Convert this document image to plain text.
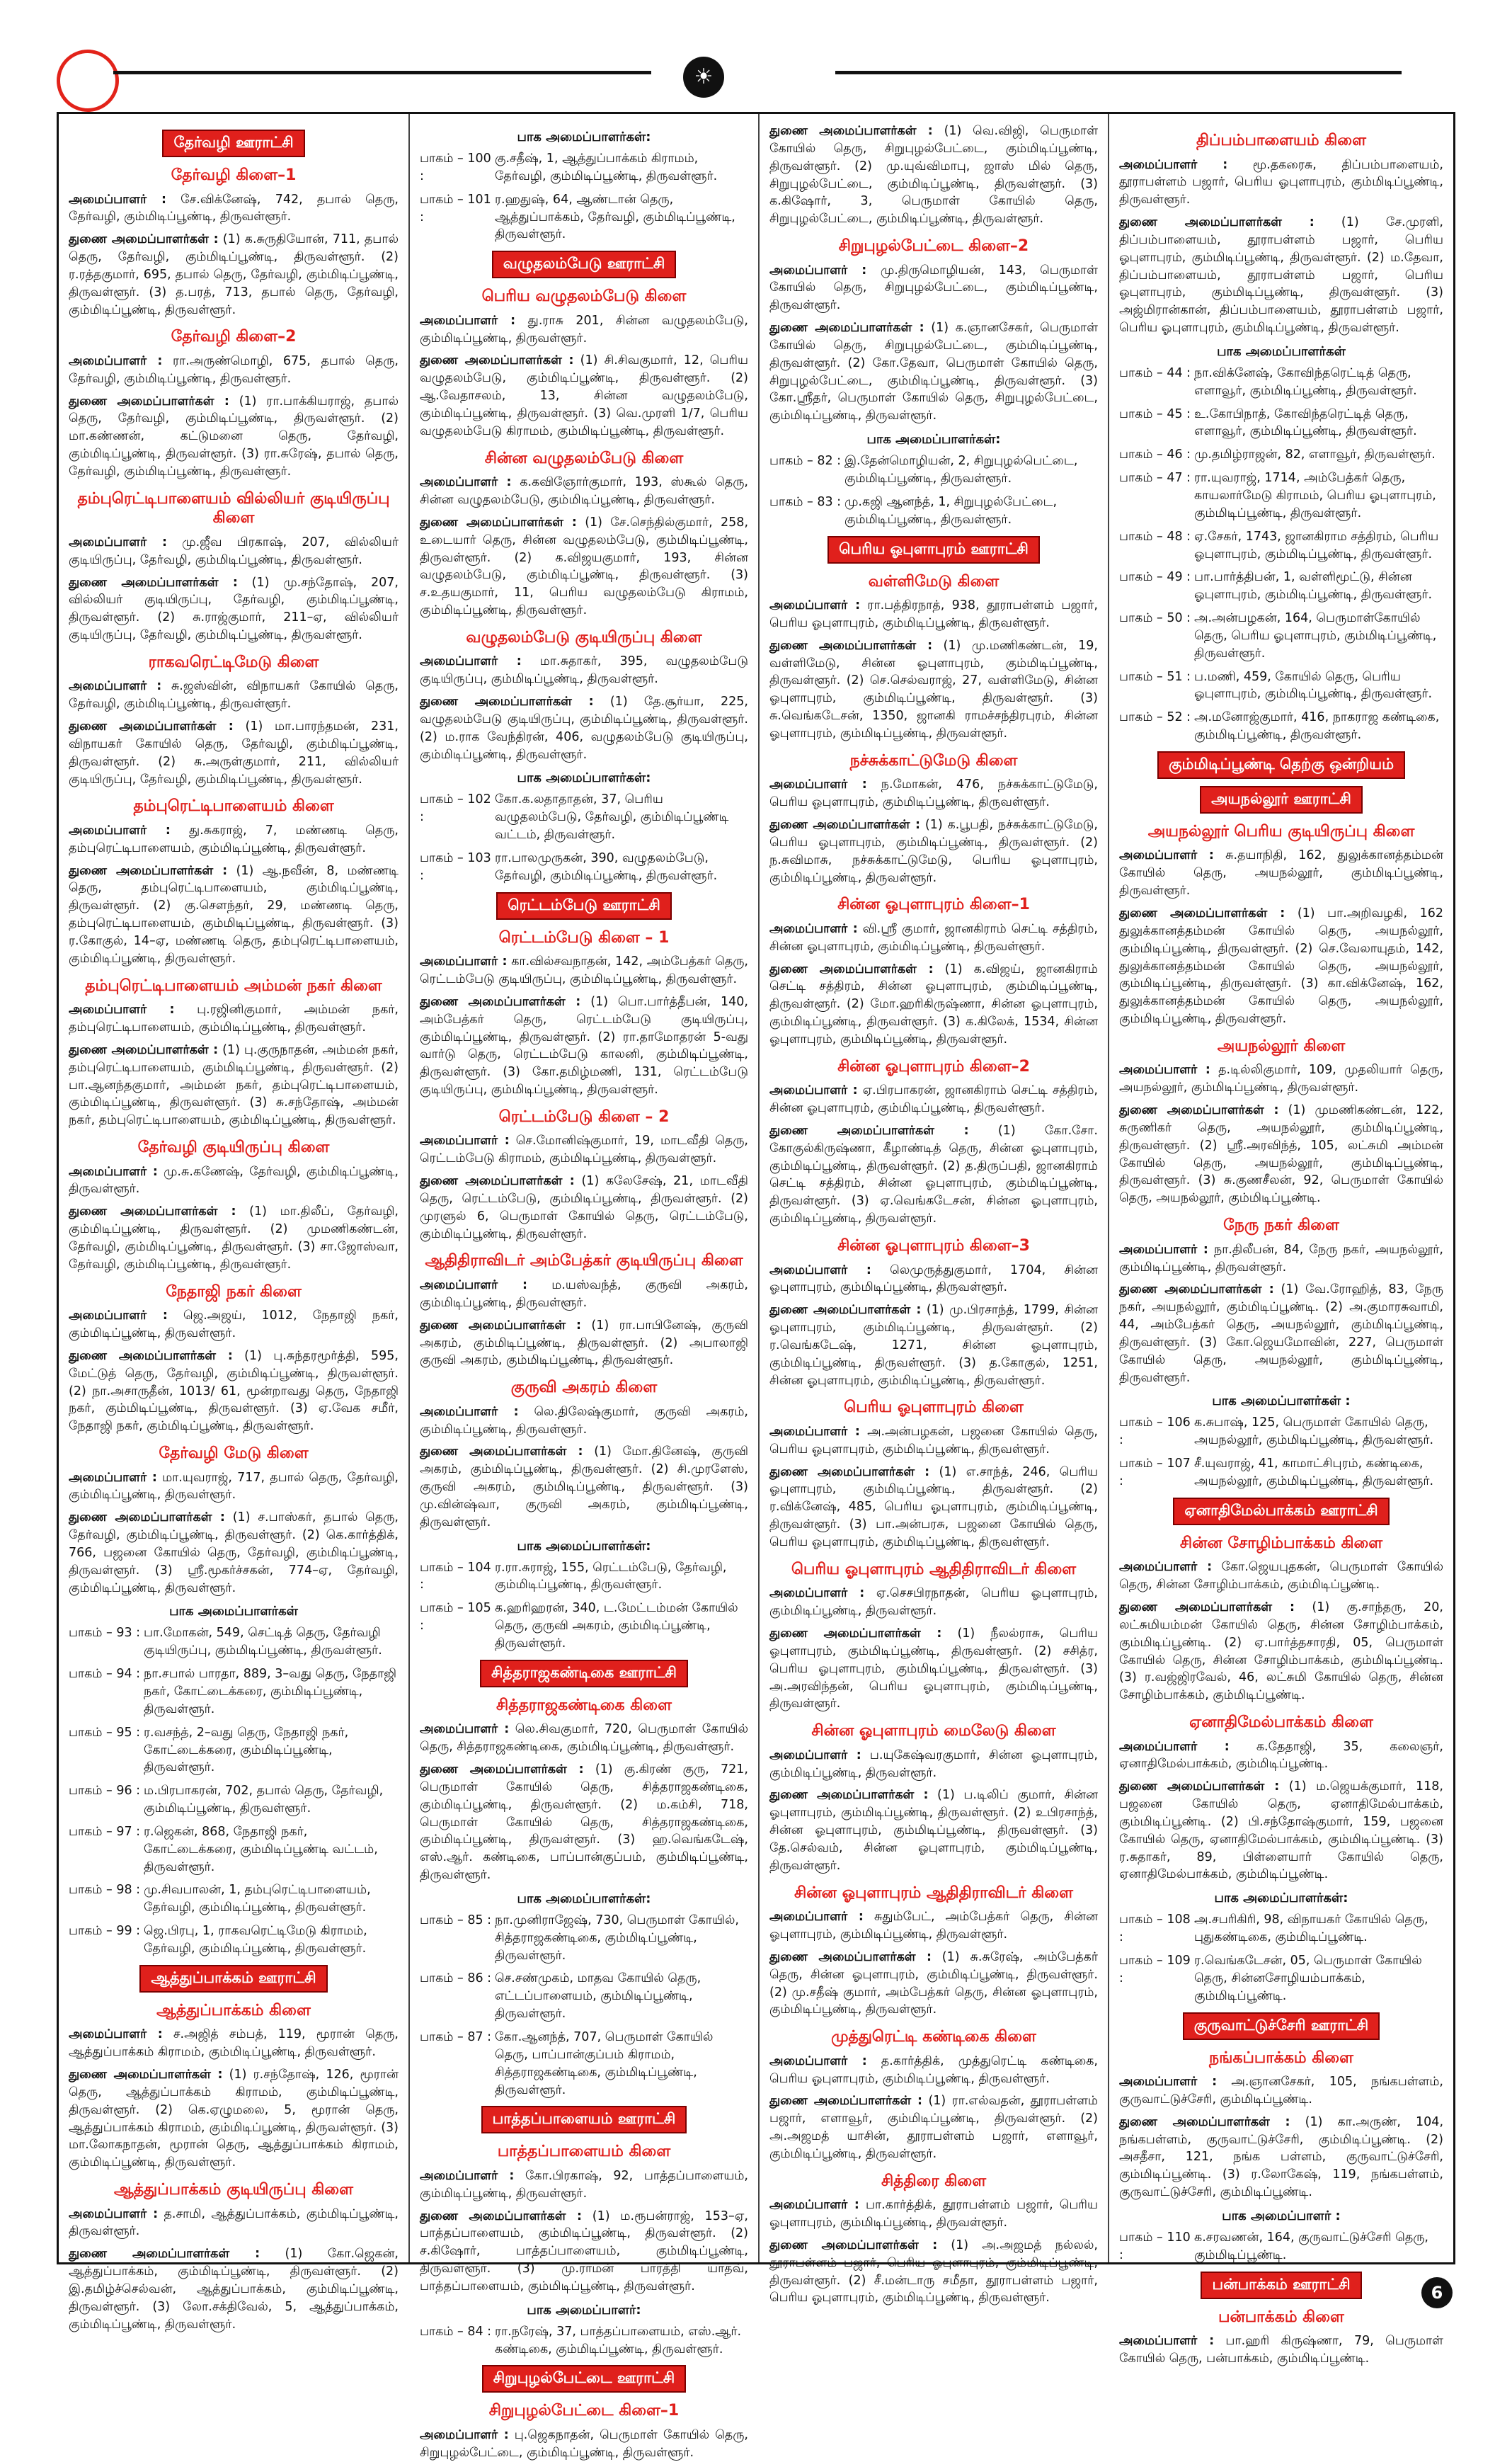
☀
தேர்வழி ஊராட்சி
தேர்வழி கிளை–1
அமைப்பாளர் : சே.விக்னேஷ், 742, தபால் தெரு, தேர்வழி, கும்மிடிப்பூண்டி, திருவள்ளூர்.
துணை அமைப்பாளர்கள் : (1) க.சுருதியோன், 711, தபால் தெரு, தேர்வழி, கும்மிடிப்பூண்டி, திருவள்ளூர். (2) ர.ரத்தகுமார், 695, தபால் தெரு, தேர்வழி, கும்மிடிப்பூண்டி, திருவள்ளூர். (3) த.பரத், 713, தபால் தெரு, தேர்வழி, கும்மிடிப்பூண்டி, திருவள்ளூர்.
தேர்வழி கிளை–2
அமைப்பாளர் : ரா.அருண்மொழி, 675, தபால் தெரு, தேர்வழி, கும்மிடிப்பூண்டி, திருவள்ளூர்.
துணை அமைப்பாளர்கள் : (1) ரா.பாக்கியராஜ், தபால் தெரு, தேர்வழி, கும்மிடிப்பூண்டி, திருவள்ளூர். (2) மா.கண்ணன், கட்டுமனை தெரு, தேர்வழி, கும்மிடிப்பூண்டி, திருவள்ளூர். (3) ரா.சுரேஷ், தபால் தெரு, தேர்வழி, கும்மிடிப்பூண்டி, திருவள்ளூர்.
தம்புரெட்டிபாளையம் வில்லியர் குடியிருப்பு கிளை
அமைப்பாளர் : மு.ஜீவ பிரகாஷ், 207, வில்லியர் குடியிருப்பு, தேர்வழி, கும்மிடிப்பூண்டி, திருவள்ளூர்.
துணை அமைப்பாளர்கள் : (1) மு.சந்தோஷ், 207, வில்லியர் குடியிருப்பு, தேர்வழி, கும்மிடிப்பூண்டி, திருவள்ளூர். (2) சு.ராஜ்குமார், 211–ஏ, வில்லியர் குடியிருப்பு, தேர்வழி, கும்மிடிப்பூண்டி, திருவள்ளூர்.
ராகவரெட்டிமேடு கிளை
அமைப்பாளர் : சு.ஜஸ்வின், விநாயகர் கோயில் தெரு, தேர்வழி, கும்மிடிப்பூண்டி, திருவள்ளூர்.
துணை அமைப்பாளர்கள் : (1) மா.பாரந்தமன், 231, விநாயகர் கோயில் தெரு, தேர்வழி, கும்மிடிப்பூண்டி, திருவள்ளூர். (2) சு.அருள்குமார், 211, வில்லியர் குடியிருப்பு, தேர்வழி, கும்மிடிப்பூண்டி, திருவள்ளூர்.
தம்புரெட்டிபாளையம் கிளை
அமைப்பாளர் : து.சுகராஜ், 7, மண்ணடி தெரு, தம்புரெட்டிபாளையம், கும்மிடிப்பூண்டி, திருவள்ளூர்.
துணை அமைப்பாளர்கள் : (1) ஆ.நவீன், 8, மண்ணடி தெரு, தம்புரெட்டிபாளையம், கும்மிடிப்பூண்டி, திருவள்ளூர். (2) கு.சௌந்தர், 29, மண்ணடி தெரு, தம்புரெட்டிபாளையம், கும்மிடிப்பூண்டி, திருவள்ளூர். (3) ர.கோகுல், 14–ஏ, மண்ணடி தெரு, தம்புரெட்டிபாளையம், கும்மிடிப்பூண்டி, திருவள்ளூர்.
தம்புரெட்டிபாளையம் அம்மன் நகர் கிளை
அமைப்பாளர் : பு.ரஜினிகுமார், அம்மன் நகர், தம்புரெட்டிபாளையம், கும்மிடிப்பூண்டி, திருவள்ளூர்.
துணை அமைப்பாளர்கள் : (1) பு.குருநாதன், அம்மன் நகர், தம்புரெட்டிபாளையம், கும்மிடிப்பூண்டி, திருவள்ளூர். (2) பா.ஆனந்தகுமார், அம்மன் நகர், தம்புரெட்டிபாளையம், கும்மிடிப்பூண்டி, திருவள்ளூர். (3) சு.சந்தோஷ், அம்மன் நகர், தம்புரெட்டிபாளையம், கும்மிடிப்பூண்டி, திருவள்ளூர்.
தேர்வழி குடியிருப்பு கிளை
அமைப்பாளர் : மு.சு.கணேஷ், தேர்வழி, கும்மிடிப்பூண்டி, திருவள்ளூர்.
துணை அமைப்பாளர்கள் : (1) மா.திலீப், தேர்வழி, கும்மிடிப்பூண்டி, திருவள்ளூர். (2) முமணிகண்டன், தேர்வழி, கும்மிடிப்பூண்டி, திருவள்ளூர். (3) சா.ஜோஸ்வா, தேர்வழி, கும்மிடிப்பூண்டி, திருவள்ளூர்.
நேதாஜி நகர் கிளை
அமைப்பாளர் : ஜெ.அஜய், 1012, நேதாஜி நகர், கும்மிடிப்பூண்டி, திருவள்ளூர்.
துணை அமைப்பாளர்கள் : (1) பு.சுந்தரமூர்த்தி, 595, மேட்டுத் தெரு, தேர்வழி, கும்மிடிப்பூண்டி, திருவள்ளூர். (2) நா.அசாருதீன், 1013/ 61, மூன்றாவது தெரு, நேதாஜி நகர், கும்மிடிப்பூண்டி, திருவள்ளூர். (3) ஏ.வேக சமீர், நேதாஜி நகர், கும்மிடிப்பூண்டி, திருவள்ளூர்.
தேர்வழி மேடு கிளை
அமைப்பாளர் : மா.யுவராஜ், 717, தபால் தெரு, தேர்வழி, கும்மிடிப்பூண்டி, திருவள்ளூர்.
துணை அமைப்பாளர்கள் : (1) ச.பாஸ்கர், தபால் தெரு, தேர்வழி, கும்மிடிப்பூண்டி, திருவள்ளூர். (2) கெ.கார்த்திக், 766, பஜனை கோயில் தெரு, தேர்வழி, கும்மிடிப்பூண்டி, திருவள்ளூர். (3) ஸ்ரீ.மூகர்ச்சகன், 774–ஏ, தேர்வழி, கும்மிடிப்பூண்டி, திருவள்ளூர்.
பாக அமைப்பாளர்கள்
பாகம் – 93 : பா.மோகன், 549, செட்டித் தெரு, தேர்வழி குடியிருப்பு, கும்மிடிப்பூண்டி, திருவள்ளூர்.
பாகம் – 94 : நா.சபால் பாரதா, 889, 3–வது தெரு, நேதாஜி நகர், கோட்டைக்கரை, கும்மிடிப்பூண்டி, திருவள்ளூர்.
பாகம் – 95 : ர.வசந்த், 2–வது தெரு, நேதாஜி நகர், கோட்டைக்கரை, கும்மிடிப்பூண்டி, திருவள்ளூர்.
பாகம் – 96 : ம.பிரபாகரன், 702, தபால் தெரு, தேர்வழி, கும்மிடிப்பூண்டி, திருவள்ளூர்.
பாகம் – 97 : ர.ஜெகன், 868, நேதாஜி நகர், கோட்டைக்கரை, கும்மிடிப்பூண்டி வட்டம், திருவள்ளூர்.
பாகம் – 98 : மு.சிவபாலன், 1, தம்புரெட்டிபாளையம், தேர்வழி, கும்மிடிப்பூண்டி, திருவள்ளூர்.
பாகம் – 99 : ஜெ.பிரபு, 1, ராகவரெட்டிமேடு கிராமம், தேர்வழி, கும்மிடிப்பூண்டி, திருவள்ளூர்.
ஆத்துப்பாக்கம் ஊராட்சி
ஆத்துப்பாக்கம் கிளை
அமைப்பாளர் : ச.அஜித் சம்பத், 119, மூரான் தெரு, ஆத்துப்பாக்கம் கிராமம், கும்மிடிப்பூண்டி, திருவள்ளூர்.
துணை அமைப்பாளர்கள் : (1) ர.சந்தோஷ், 126, மூரான் தெரு, ஆத்துப்பாக்கம் கிராமம், கும்மிடிப்பூண்டி, திருவள்ளூர். (2) கெ.ஏழுமலை, 5, மூரான் தெரு, ஆத்துப்பாக்கம் கிராமம், கும்மிடிப்பூண்டி, திருவள்ளூர். (3) மா.லோகநாதன், மூரான் தெரு, ஆத்துப்பாக்கம் கிராமம், கும்மிடிப்பூண்டி, திருவள்ளூர்.
ஆத்துப்பாக்கம் குடியிருப்பு கிளை
அமைப்பாளர் : த.சாமி, ஆத்துப்பாக்கம், கும்மிடிப்பூண்டி, திருவள்ளூர்.
துணை அமைப்பாளர்கள் : (1) கோ.ஜெகன், ஆத்துப்பாக்கம், கும்மிடிப்பூண்டி, திருவள்ளூர். (2) இ.தமிழ்ச்செல்வன், ஆத்துப்பாக்கம், கும்மிடிப்பூண்டி, திருவள்ளூர். (3) லோ.சக்திவேல், 5, ஆத்துப்பாக்கம், கும்மிடிப்பூண்டி, திருவள்ளூர்.
பாக அமைப்பாளர்கள்:
பாகம் – 100 :
கு.சதீஷ், 1, ஆத்துப்பாக்கம் கிராமம், தேர்வழி, கும்மிடிப்பூண்டி, திருவள்ளூர்.
பாகம் – 101 :
ர.ஹதுஷ், 64, ஆண்டான் தெரு, ஆத்துப்பாக்கம், தேர்வழி, கும்மிடிப்பூண்டி, திருவள்ளூர்.
வழுதலம்பேடு ஊராட்சி
பெரிய வழுதலம்பேடு கிளை
அமைப்பாளர் : து.ராசு 201, சின்ன வழுதலம்பேடு, கும்மிடிப்பூண்டி, திருவள்ளூர்.
துணை அமைப்பாளர்கள் : (1) சி.சிவகுமார், 12, பெரிய வழுதலம்பேடு, கும்மிடிப்பூண்டி, திருவள்ளூர். (2) ஆ.வேதாசலம், 13, சின்ன வழுதலம்பேடு, கும்மிடிப்பூண்டி, திருவள்ளூர். (3) வெ.முரளி 1/7, பெரிய வழுதலம்பேடு கிராமம், கும்மிடிப்பூண்டி, திருவள்ளூர்.
சின்ன வழுதலம்பேடு கிளை
அமைப்பாளர் : க.கவிஞோர்குமார், 193, ஸ்கூல் தெரு, சின்ன வழுதலம்பேடு, கும்மிடிப்பூண்டி, திருவள்ளூர்.
துணை அமைப்பாளர்கள் : (1) சே.செந்தில்குமார், 258, உடையார் தெரு, சின்ன வழுதலம்பேடு, கும்மிடிப்பூண்டி, திருவள்ளூர். (2) க.விஜயகுமார், 193, சின்ன வழுதலம்பேடு, கும்மிடிப்பூண்டி, திருவள்ளூர். (3) ச.உதயகுமார், 11, பெரிய வழுதலம்பேடு கிராமம், கும்மிடிப்பூண்டி, திருவள்ளூர்.
வழுதலம்பேடு குடியிருப்பு கிளை
அமைப்பாளர் : மா.சுதாகர், 395, வழுதலம்பேடு குடியிருப்பு, கும்மிடிப்பூண்டி, திருவள்ளூர்.
துணை அமைப்பாளர்கள் : (1) தே.சூர்யா, 225, வழுதலம்பேடு குடியிருப்பு, கும்மிடிப்பூண்டி, திருவள்ளூர். (2) ம.ராக வேந்திரன், 406, வழுதலம்பேடு குடியிருப்பு, கும்மிடிப்பூண்டி, திருவள்ளூர்.
பாக அமைப்பாளர்கள்:
பாகம் – 102 :
கோ.க.லதாதாதன், 37, பெரிய வழுதலம்பேடு, தேர்வழி, கும்மிடிப்பூண்டி வட்டம், திருவள்ளூர்.
பாகம் – 103 :
ரா.பாலமுருகன், 390, வழுதலம்பேடு, தேர்வழி, கும்மிடிப்பூண்டி, திருவள்ளூர்.
ரெட்டம்பேடு ஊராட்சி
ரெட்டம்பேடு கிளை – 1
அமைப்பாளர் : கா.வில்சவநாதன், 142, அம்பேத்கர் தெரு, ரெட்டம்பேடு குடியிருப்பு, கும்மிடிப்பூண்டி, திருவள்ளூர்.
துணை அமைப்பாளர்கள் : (1) பொ.பார்த்தீபன், 140, அம்பேத்கர் தெரு, ரெட்டம்பேடு குடியிருப்பு, கும்மிடிப்பூண்டி, திருவள்ளூர். (2) ரா.தாமோதரன் 5-வது வார்டு தெரு, ரெட்டம்பேடு காலனி, கும்மிடிப்பூண்டி, திருவள்ளூர். (3) கோ.தமிழ்மணி, 131, ரெட்டம்பேடு குடியிருப்பு, கும்மிடிப்பூண்டி, திருவள்ளூர்.
ரெட்டம்பேடு கிளை – 2
அமைப்பாளர் : செ.மோனிஷ்குமார், 19, மாடவீதி தெரு, ரெட்டம்பேடு கிராமம், கும்மிடிப்பூண்டி, திருவள்ளூர்.
துணை அமைப்பாளர்கள் : (1) கலேசேஷ், 21, மாடவீதி தெரு, ரெட்டம்பேடு, கும்மிடிப்பூண்டி, திருவள்ளூர். (2) முரளுல் 6, பெருமாள் கோயில் தெரு, ரெட்டம்பேடு, கும்மிடிப்பூண்டி, திருவள்ளூர்.
ஆதிதிராவிடர் அம்பேத்கர் குடியிருப்பு கிளை
அமைப்பாளர் : ம.யஸ்வந்த், குருவி அகரம், கும்மிடிப்பூண்டி, திருவள்ளூர்.
துணை அமைப்பாளர்கள் : (1) ரா.பாபினேஷ், குருவி அகரம், கும்மிடிப்பூண்டி, திருவள்ளூர். (2) அபாலாஜி குருவி அகரம், கும்மிடிப்பூண்டி, திருவள்ளூர்.
குருவி அகரம் கிளை
அமைப்பாளர் : லெ.திலேஷ்குமார், குருவி அகரம், கும்மிடிப்பூண்டி, திருவள்ளூர்.
துணை அமைப்பாளர்கள் : (1) மோ.தினேஷ், குருவி அகரம், கும்மிடிப்பூண்டி, திருவள்ளூர். (2) சி.முரளேஸ், குருவி அகரம், கும்மிடிப்பூண்டி, திருவள்ளூர். (3) மு.வின்ஷ்வா, குருவி அகரம், கும்மிடிப்பூண்டி, திருவள்ளூர்.
பாக அமைப்பாளர்கள்:
பாகம் – 104 :
ர.ரா.சுராஜ், 155, ரெட்டம்பேடு, தேர்வழி, கும்மிடிப்பூண்டி, திருவள்ளூர்.
பாகம் – 105 :
க.ஹரிஹரன், 340, ட.மேட்டம்மன் கோயில் தெரு, குருவி அகரம், கும்மிடிப்பூண்டி, திருவள்ளூர்.
சித்தராஜகண்டிகை ஊராட்சி
சித்தராஜகண்டிகை கிளை
அமைப்பாளர் : லெ.சிவகுமார், 720, பெருமாள் கோயில் தெரு, சித்தராஜகண்டிகை, கும்மிடிப்பூண்டி, திருவள்ளூர்.
துணை அமைப்பாளர்கள் : (1) கு.கிரண் குரு, 721, பெருமாள் கோயில் தெரு, சித்தராஜகண்டிகை, கும்மிடிப்பூண்டி, திருவள்ளூர். (2) ம.கம்சி, 718, பெருமாள் கோயில் தெரு, சித்தராஜகண்டிகை, கும்மிடிப்பூண்டி, திருவள்ளூர். (3) ஹ.வெங்கடேஷ், எஸ்.ஆர். கண்டிகை, பாப்பான்குப்பம், கும்மிடிப்பூண்டி, திருவள்ளூர்.
பாக அமைப்பாளர்கள்:
பாகம் – 85 : நா.முனிராஜேஷ், 730, பெருமாள் கோயில், சித்தராஜகண்டிகை, கும்மிடிப்பூண்டி, திருவள்ளூர்.
பாகம் – 86 : செ.சண்முகம், மாதவ கோயில் தெரு, எட்டப்பாளையம், கும்மிடிப்பூண்டி, திருவள்ளூர்.
பாகம் – 87 : கோ.ஆனந்த், 707, பெருமாள் கோயில் தெரு, பாப்பான்குப்பம் கிராமம், சித்தராஜகண்டிகை, கும்மிடிப்பூண்டி, திருவள்ளூர்.
பாத்தப்பாளையம் ஊராட்சி
பாத்தப்பாளையம் கிளை
அமைப்பாளர் : கோ.பிரகாஷ், 92, பாத்தப்பாளையம், கும்மிடிப்பூண்டி, திருவள்ளூர்.
துணை அமைப்பாளர்கள் : (1) ம.ரூபன்ராஜ், 153–ஏ, பாத்தப்பாளையம், கும்மிடிப்பூண்டி, திருவள்ளூர். (2) ச.கிஷோர், பாத்தப்பாளையம், கும்மிடிப்பூண்டி, திருவள்ளூர். (3) மு.ராமன் பாரத்தி யாதவ், பாத்தப்பாளையம், கும்மிடிப்பூண்டி, திருவள்ளூர்.
பாக அமைப்பாளர்:
பாகம் – 84 : ரா.நரேஷ், 37, பாத்தப்பாளையம், எஸ்.ஆர். கண்டிகை, கும்மிடிப்பூண்டி, திருவள்ளூர்.
சிறுபுழல்பேட்டை ஊராட்சி
சிறுபுழல்பேட்டை கிளை–1
அமைப்பாளர் : பு.ஜெகநாதன், பெருமாள் கோயில் தெரு, சிறுபுழல்பேட்டை, கும்மிடிப்பூண்டி, திருவள்ளூர்.
துணை அமைப்பாளர்கள் : (1) வெ.விஜி, பெருமாள் கோயில் தெரு, சிறுபுழல்பேட்டை, கும்மிடிப்பூண்டி, திருவள்ளூர். (2) மு.யுவ்விமாபு, ஜாஸ் மில் தெரு, சிறுபுழல்பேட்டை, கும்மிடிப்பூண்டி, திருவள்ளூர். (3) க.கிஷோர், 3, பெருமாள் கோயில் தெரு, சிறுபுழல்பேட்டை, கும்மிடிப்பூண்டி, திருவள்ளூர்.
சிறுபுழல்பேட்டை கிளை–2
அமைப்பாளர் : மு.திருமொழியன், 143, பெருமாள் கோயில் தெரு, சிறுபுழல்பேட்டை, கும்மிடிப்பூண்டி, திருவள்ளூர்.
துணை அமைப்பாளர்கள் : (1) க.ஞானசேகர், பெருமாள் கோயில் தெரு, சிறுபுழல்பேட்டை, கும்மிடிப்பூண்டி, திருவள்ளூர். (2) கோ.தேவா, பெருமாள் கோயில் தெரு, சிறுபுழல்பேட்டை, கும்மிடிப்பூண்டி, திருவள்ளூர். (3) கோ.ஸ்ரீதர், பெருமாள் கோயில் தெரு, சிறுபுழல்பேட்டை, கும்மிடிப்பூண்டி, திருவள்ளூர்.
பாக அமைப்பாளர்கள்:
பாகம் – 82 : இ.தேன்மொழியன், 2, சிறுபுழல்பெட்டை, கும்மிடிப்பூண்டி, திருவள்ளூர்.
பாகம் – 83 : மு.கஜி ஆனந்த், 1, சிறுபுழல்பேட்டை, கும்மிடிப்பூண்டி, திருவள்ளூர்.
பெரிய ஓபுளாபுரம் ஊராட்சி
வள்ளிமேடு கிளை
அமைப்பாளர் : ரா.பத்திரநாத், 938, தூராபள்ளம் பஜார், பெரிய ஓபுளாபுரம், கும்மிடிப்பூண்டி, திருவள்ளூர்.
துணை அமைப்பாளர்கள் : (1) மு.மணிகண்டன், 19, வள்ளிமேடு, சின்ன ஓபுளாபுரம், கும்மிடிப்பூண்டி, திருவள்ளூர். (2) செ.செல்வராஜ், 27, வள்ளிமேடு, சின்ன ஓபுளாபுரம், கும்மிடிப்பூண்டி, திருவள்ளூர். (3) சு.வெங்கடேசன், 1350, ஜானகி ராமச்சந்திரபுரம், சின்ன ஓபுளாபுரம், கும்மிடிப்பூண்டி, திருவள்ளூர்.
நச்சுக்காட்டுமேடு கிளை
அமைப்பாளர் : ந.மோகன், 476, நச்சுக்காட்டுமேடு, பெரிய ஓபுளாபுரம், கும்மிடிப்பூண்டி, திருவள்ளூர்.
துணை அமைப்பாளர்கள் : (1) க.பூபதி, நச்சுக்காட்டுமேடு, பெரிய ஓபுளாபுரம், கும்மிடிப்பூண்டி, திருவள்ளூர். (2) ந.சுவிமாசு, நச்சுக்காட்டுமேடு, பெரிய ஓபுளாபுரம், கும்மிடிப்பூண்டி, திருவள்ளூர்.
சின்ன ஓபுளாபுரம் கிளை–1
அமைப்பாளர் : வி.ஸ்ரீ குமார், ஜானகிராம் செட்டி சத்திரம், சின்ன ஓபுளாபுரம், கும்மிடிப்பூண்டி, திருவள்ளூர்.
துணை அமைப்பாளர்கள் : (1) க.விஜய், ஜானகிராம் செட்டி சத்திரம், சின்ன ஓபுளாபுரம், கும்மிடிப்பூண்டி, திருவள்ளூர். (2) மோ.ஹரிகிருஷ்ணா, சின்ன ஓபுளாபுரம், கும்மிடிப்பூண்டி, திருவள்ளூர். (3) க.கிலேக், 1534, சின்ன ஓபுளாபுரம், கும்மிடிப்பூண்டி, திருவள்ளூர்.
சின்ன ஓபுளாபுரம் கிளை–2
அமைப்பாளர் : ஏ.பிரபாகரன், ஜானகிராம் செட்டி சத்திரம், சின்ன ஓபுளாபுரம், கும்மிடிப்பூண்டி, திருவள்ளூர்.
துணை அமைப்பாளர்கள் : (1) கோ.சோ. கோகுல்கிருஷ்ணா, கீழாண்டித் தெரு, சின்ன ஓபுளாபுரம், கும்மிடிப்பூண்டி, திருவள்ளூர். (2) த.திருப்பதி, ஜானகிராம் செட்டி சத்திரம், சின்ன ஓபுளாபுரம், கும்மிடிப்பூண்டி, திருவள்ளூர். (3) ஏ.வெங்கடேசன், சின்ன ஓபுளாபுரம், கும்மிடிப்பூண்டி, திருவள்ளூர்.
சின்ன ஓபுளாபுரம் கிளை–3
அமைப்பாளர் : லெமுருத்துகுமார், 1704, சின்ன ஓபுளாபுரம், கும்மிடிப்பூண்டி, திருவள்ளூர்.
துணை அமைப்பாளர்கள் : (1) மு.பிரசாந்த், 1799, சின்ன ஓபுளாபுரம், கும்மிடிப்பூண்டி, திருவள்ளூர். (2) ர.வெங்கடேஷ், 1271, சின்ன ஓபுளாபுரம், கும்மிடிப்பூண்டி, திருவள்ளூர். (3) த.கோகுல், 1251, சின்ன ஓபுளாபுரம், கும்மிடிப்பூண்டி, திருவள்ளூர்.
பெரிய ஓபுளாபுரம் கிளை
அமைப்பாளர் : அ.அன்பழகன், பஜனை கோயில் தெரு, பெரிய ஓபுளாபுரம், கும்மிடிப்பூண்டி, திருவள்ளூர்.
துணை அமைப்பாளர்கள் : (1) எ.சாந்த், 246, பெரிய ஓபுளாபுரம், கும்மிடிப்பூண்டி, திருவள்ளூர். (2) ர.விக்னேஷ், 485, பெரிய ஓபுளாபுரம், கும்மிடிப்பூண்டி, திருவள்ளூர். (3) பா.அன்பரசு, பஜனை கோயில் தெரு, பெரிய ஓபுளாபுரம், கும்மிடிப்பூண்டி, திருவள்ளூர்.
பெரிய ஓபுளாபுரம் ஆதிதிராவிடர் கிளை
அமைப்பாளர் : ஏ.செசபிரநாதன், பெரிய ஓபுளாபுரம், கும்மிடிப்பூண்டி, திருவள்ளூர்.
துணை அமைப்பாளர்கள் : (1) நீலல்ராசு, பெரிய ஓபுளாபுரம், கும்மிடிப்பூண்டி, திருவள்ளூர். (2) சசித்ர, பெரிய ஓபுளாபுரம், கும்மிடிப்பூண்டி, திருவள்ளூர். (3) அ.அரவிந்தன், பெரிய ஓபுளாபுரம், கும்மிடிப்பூண்டி, திருவள்ளூர்.
சின்ன ஓபுளாபுரம் மைலேடு கிளை
அமைப்பாளர் : ப.யுகேஷ்வரகுமார், சின்ன ஓபுளாபுரம், கும்மிடிப்பூண்டி, திருவள்ளூர்.
துணை அமைப்பாளர்கள் : (1) ப.டிலிப் குமார், சின்ன ஓபுளாபுரம், கும்மிடிப்பூண்டி, திருவள்ளூர். (2) உபிரசாந்த், சின்ன ஓபுளாபுரம், கும்மிடிப்பூண்டி, திருவள்ளூர். (3) தே.செல்வம், சின்ன ஓபுளாபுரம், கும்மிடிப்பூண்டி, திருவள்ளூர்.
சின்ன ஓபுளாபுரம் ஆதிதிராவிடர் கிளை
அமைப்பாளர் : சுதும்பேட், அம்பேத்கர் தெரு, சின்ன ஓபுளாபுரம், கும்மிடிப்பூண்டி, திருவள்ளூர்.
துணை அமைப்பாளர்கள் : (1) சு.சுரேஷ், அம்பேத்கர் தெரு, சின்ன ஓபுளாபுரம், கும்மிடிப்பூண்டி, திருவள்ளூர். (2) மு.சதீஷ் குமார், அம்பேத்கர் தெரு, சின்ன ஓபுளாபுரம், கும்மிடிப்பூண்டி, திருவள்ளூர்.
முத்துரெட்டி கண்டிகை கிளை
அமைப்பாளர் : த.கார்த்திக், முத்துரெட்டி கண்டிகை, பெரிய ஓபுளாபுரம், கும்மிடிப்பூண்டி, திருவள்ளூர்.
துணை அமைப்பாளர்கள் : (1) ரா.எல்வதன், தூராபள்ளம் பஜார், எளாவூர், கும்மிடிப்பூண்டி, திருவள்ளூர். (2) அ.அஜமத் யாசின், தூராபள்ளம் பஜார், எளாவூர், கும்மிடிப்பூண்டி, திருவள்ளூர்.
சித்திரை கிளை
அமைப்பாளர் : பா.கார்த்திக், தூராபள்ளம் பஜார், பெரிய ஓபுளாபுரம், கும்மிடிப்பூண்டி, திருவள்ளூர்.
துணை அமைப்பாளர்கள் : (1) அ.அஜமத் நல்லல், தூராபள்ளம் பஜார், பெரிய ஓபுளாபுரம், கும்மிடிப்பூண்டி, திருவள்ளூர். (2) சீ.மன்டாரு சமீதா, தூராபள்ளம் பஜார், பெரிய ஓபுளாபுரம், கும்மிடிப்பூண்டி, திருவள்ளூர்.
திப்பம்பாளையம் கிளை
அமைப்பாளர் : மூ.தகரைசு, திப்பம்பாளையம், தூராபள்ளம் பஜார், பெரிய ஓபுளாபுரம், கும்மிடிப்பூண்டி, திருவள்ளூர்.
துணை அமைப்பாளர்கள் : (1) சே.முரளி, திப்பம்பாளையம், தூராபள்ளம் பஜார், பெரிய ஓபுளாபுரம், கும்மிடிப்பூண்டி, திருவள்ளூர். (2) ம.தேவா, திப்பம்பாளையம், தூராபள்ளம் பஜார், பெரிய ஓபுளாபுரம், கும்மிடிப்பூண்டி, திருவள்ளூர். (3) அஜ்மிரான்கான், திப்பம்பாளையம், தூராபள்ளம் பஜார், பெரிய ஓபுளாபுரம், கும்மிடிப்பூண்டி, திருவள்ளூர்.
பாக அமைப்பாளர்கள்
பாகம் – 44 : நா.விக்னேஷ், கோவிந்தரெட்டித் தெரு, எளாவூர், கும்மிடிப்பூண்டி, திருவள்ளூர்.
பாகம் – 45 : உ.கோபிநாத், கோவிந்தரெட்டித் தெரு, எளாவூர், கும்மிடிப்பூண்டி, திருவள்ளூர்.
பாகம் – 46 : மு.தமிழ்ராஜன், 82, எளாவூர், திருவள்ளூர்.
பாகம் – 47 : ரா.யுவராஜ், 1714, அம்பேத்கர் தெரு, காயலார்மேடு கிராமம், பெரிய ஓபுளாபுரம், கும்மிடிப்பூண்டி, திருவள்ளூர்.
பாகம் – 48 : ஏ.சேகர், 1743, ஜானகிராம சத்திரம், பெரிய ஓபுளாபுரம், கும்மிடிப்பூண்டி, திருவள்ளூர்.
பாகம் – 49 : பா.பார்த்திபன், 1, வள்ளிமூட்டு, சின்ன ஓபுளாபுரம், கும்மிடிப்பூண்டி, திருவள்ளூர்.
பாகம் – 50 : அ.அன்பழகன், 164, பெருமாள்கோயில் தெரு, பெரிய ஓபுளாபுரம், கும்மிடிப்பூண்டி, திருவள்ளூர்.
பாகம் – 51 : ப.மணி, 459, கோயில் தெரு, பெரிய ஓபுளாபுரம், கும்மிடிப்பூண்டி, திருவள்ளூர்.
பாகம் – 52 : அ.மனோஜ்குமார், 416, நாகராஜ கண்டிகை, கும்மிடிப்பூண்டி, திருவள்ளூர்.
கும்மிடிப்பூண்டி தெற்கு ஒன்றியம்
அயநல்லூர் ஊராட்சி
அயநல்லூர் பெரிய குடியிருப்பு கிளை
அமைப்பாளர் : சு.தயாநிதி, 162, துலுக்கானத்தம்மன் கோயில் தெரு, அயநல்லூர், கும்மிடிப்பூண்டி, திருவள்ளூர்.
துணை அமைப்பாளர்கள் : (1) பா.அறிவழகி, 162 துலுக்கானத்தம்மன் கோயில் தெரு, அயநல்லூர், கும்மிடிப்பூண்டி, திருவள்ளூர். (2) செ.வேலாயுதம், 142, துலுக்கானத்தம்மன் கோயில் தெரு, அயநல்லூர், கும்மிடிப்பூண்டி, திருவள்ளூர். (3) கா.விக்னேஷ், 162, துலுக்கானத்தம்மன் கோயில் தெரு, அயநல்லூர், கும்மிடிப்பூண்டி, திருவள்ளூர்.
அயநல்லூர் கிளை
அமைப்பாளர் : த.டில்லிகுமார், 109, முதலியார் தெரு, அயநல்லூர், கும்மிடிப்பூண்டி, திருவள்ளூர்.
துணை அமைப்பாளர்கள் : (1) முமணிகண்டன், 122, சுருணிகர் தெரு, அயநல்லூர், கும்மிடிப்பூண்டி, திருவள்ளூர். (2) ஸ்ரீ.அரவிந்த், 105, லட்சுமி அம்மன் கோயில் தெரு, அயநல்லூர், கும்மிடிப்பூண்டி, திருவள்ளூர். (3) சு.குணசீலன், 92, பெருமாள் கோயில் தெரு, அயநல்லூர், கும்மிடிப்பூண்டி.
நேரு நகர் கிளை
அமைப்பாளர் : நா.திலீபன், 84, நேரு நகர், அயநல்லூர், கும்மிடிப்பூண்டி, திருவள்ளூர்.
துணை அமைப்பாளர்கள் : (1) வே.ரோஹித், 83, நேரு நகர், அயநல்லூர், கும்மிடிப்பூண்டி. (2) அ.குமாரசுவாமி, 44, அம்பேத்கர் தெரு, அயநல்லூர், கும்மிடிப்பூண்டி, திருவள்ளூர். (3) கோ.ஜெயமோவின், 227, பெருமாள் கோயில் தெரு, அயநல்லூர், கும்மிடிப்பூண்டி, திருவள்ளூர்.
பாக அமைப்பாளர்கள் :
பாகம் – 106 :
க.சுபாஷ், 125, பெருமாள் கோயில் தெரு, அயநல்லூர், கும்மிடிப்பூண்டி, திருவள்ளூர்.
பாகம் – 107 :
சீ.யுவராஜ், 41, காமாட்சிபுரம், கண்டிகை, அயநல்லூர், கும்மிடிப்பூண்டி, திருவள்ளூர்.
ஏனாதிமேல்பாக்கம் ஊராட்சி
சின்ன சோழிம்பாக்கம் கிளை
அமைப்பாளர் : கோ.ஜெயபுதகன், பெருமாள் கோயில் தெரு, சின்ன சோழிம்பாக்கம், கும்மிடிப்பூண்டி.
துணை அமைப்பாளர்கள் : (1) கு.சாந்தரு, 20, லட்சுமியம்மன் கோயில் தெரு, சின்ன சோழிம்பாக்கம், கும்மிடிப்பூண்டி. (2) ஏ.பார்த்தசாரதி, 05, பெருமாள் கோயில் தெரு, சின்ன சோழிம்பாக்கம், கும்மிடிப்பூண்டி. (3) ர.வஜ்ஜிரவேல், 46, லட்சுமி கோயில் தெரு, சின்ன சோழிம்பாக்கம், கும்மிடிப்பூண்டி.
ஏனாதிமேல்பாக்கம் கிளை
அமைப்பாளர் : க.தேதாஜி, 35, கலைஞர், ஏனாதிமேல்பாக்கம், கும்மிடிப்பூண்டி.
துணை அமைப்பாளர்கள் : (1) ம.ஜெயக்குமார், 118, பஜனை கோயில் தெரு, ஏனாதிமேல்பாக்கம், கும்மிடிப்பூண்டி. (2) பி.சந்தோஷ்குமார், 159, பஜனை கோயில் தெரு, ஏனாதிமேல்பாக்கம், கும்மிடிப்பூண்டி. (3) ர.சுதாகர், 89, பிள்ளையார் கோயில் தெரு, ஏனாதிமேல்பாக்கம், கும்மிடிப்பூண்டி.
பாக அமைப்பாளர்கள்:
பாகம் – 108 :
அ.சபரிகிரி, 98, விநாயகர் கோயில் தெரு, புதுகண்டிகை, கும்மிடிப்பூண்டி.
பாகம் – 109 :
ர.வெங்கடேசன், 05, பெருமாள் கோயில் தெரு, சின்னசோழியம்பாக்கம், கும்மிடிப்பூண்டி.
குருவாட்டுச்சேரி ஊராட்சி
நங்கப்பாக்கம் கிளை
அமைப்பாளர் : அ.ஞானசேகர், 105, நங்கபள்ளம், குருவாட்டுச்சேரி, கும்மிடிப்பூண்டி.
துணை அமைப்பாளர்கள் : (1) கா.அருண், 104, நங்கபள்ளம், குருவாட்டுச்சேரி, கும்மிடிப்பூண்டி. (2) அசதீசா, 121, நங்க பள்ளம், குருவாட்டுச்சேரி, கும்மிடிப்பூண்டி. (3) ர.லோகேஷ், 119, நங்கபள்ளம், குருவாட்டுச்சேரி, கும்மிடிப்பூண்டி.
பாக அமைப்பாளர் :
பாகம் – 110 :
க.சரவணன், 164, குருவாட்டுச்சேரி தெரு, கும்மிடிப்பூண்டி.
பன்பாக்கம் ஊராட்சி
பன்பாக்கம் கிளை
அமைப்பாளர் : பா.ஹரி கிருஷ்ணா, 79, பெருமாள் கோயில் தெரு, பன்பாக்கம், கும்மிடிப்பூண்டி.
6
